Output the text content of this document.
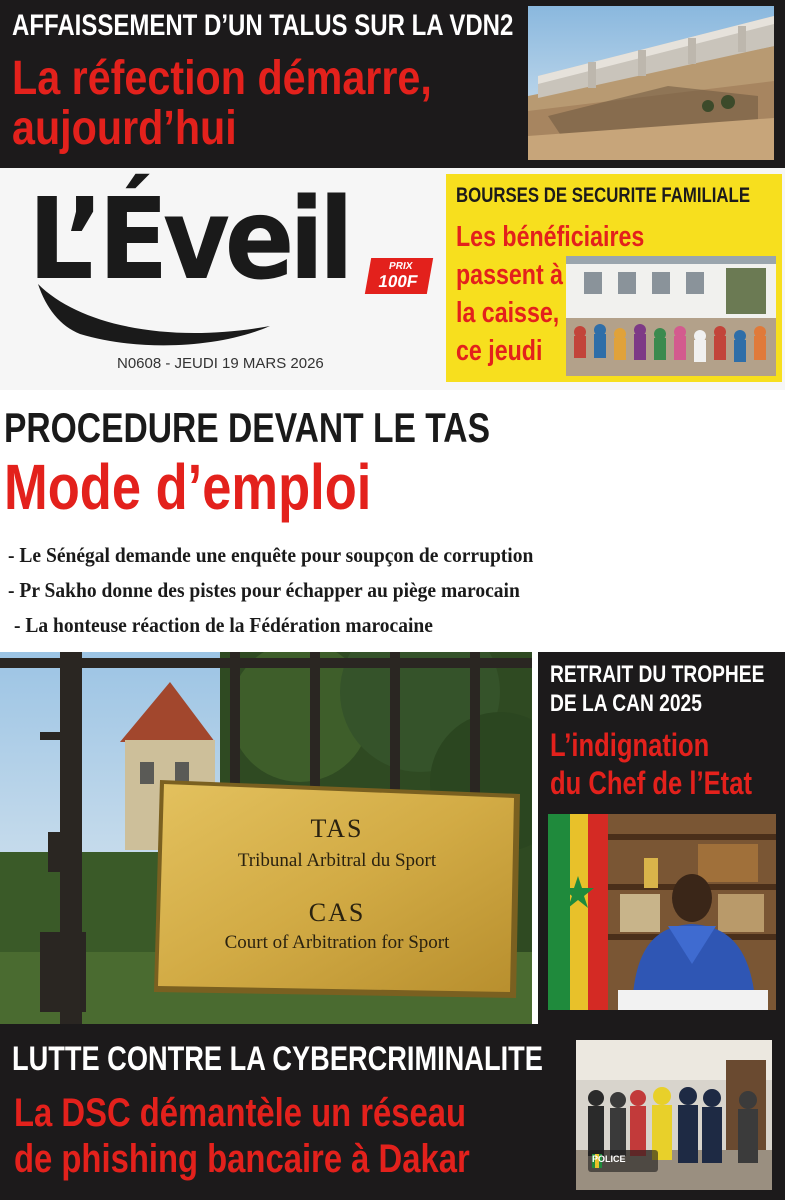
AFFAISSEMENT D’UN TALUS SUR LA VDN2
La réfection démarre,
aujourd’hui
L’Éveil	PRIX
100F
N0608 - JEUDI 19 MARS 2026
BOURSES DE SECURITE FAMILIALE
Les bénéficiaires
passent à
la caisse,
ce jeudi
PROCEDURE DEVANT LE TAS
Mode d’emploi
- Le Sénégal demande une enquête pour soupçon de corruption
- Pr Sakho donne des pistes pour échapper au piège marocain
- La honteuse réaction de la Fédération marocaine
TAS
Tribunal Arbitral du Sport
CAS
Court of Arbitration for Sport
RETRAIT DU TROPHEE
DE LA CAN 2025
L’indignation
du Chef de l’Etat
LUTTE CONTRE LA CYBERCRIMINALITE
La DSC démantèle un réseau
de phishing bancaire à Dakar	POLICE
